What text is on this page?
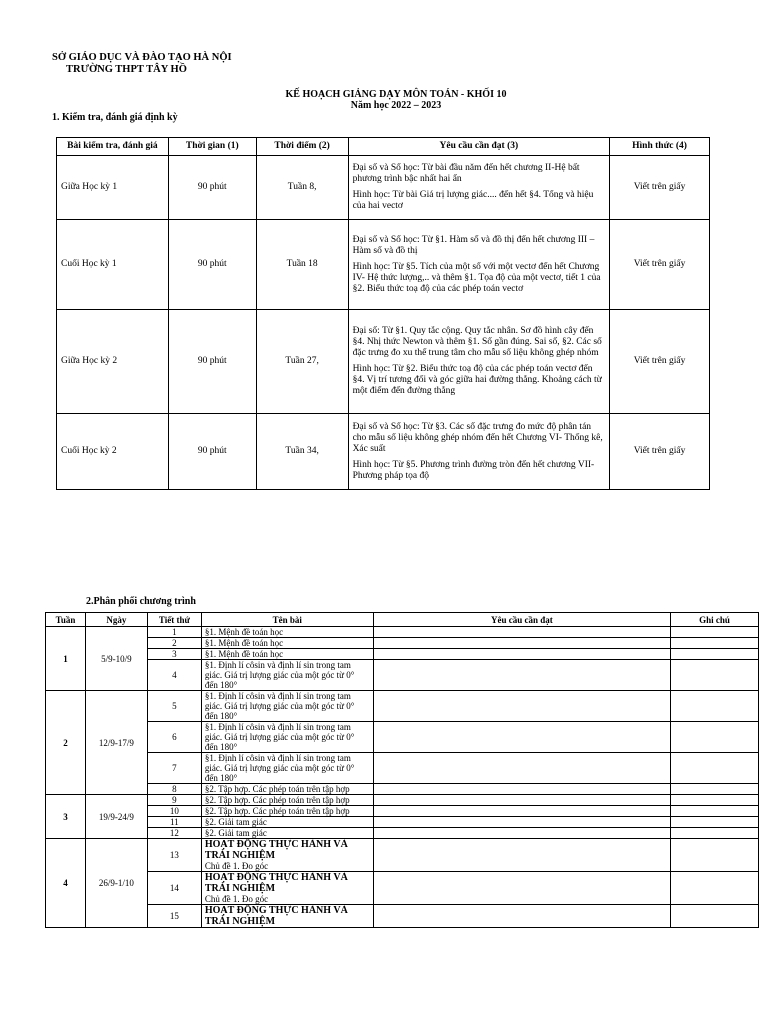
SỞ GIÁO DỤC VÀ ĐÀO TẠO HÀ NỘI
TRƯỜNG THPT TÂY HỒ
KẾ HOẠCH GIẢNG DẠY MÔN TOÁN - KHỐI 10
Năm học 2022 – 2023
1. Kiểm tra, đánh giá định kỳ
Bài kiểm tra, đánh giá	Thời gian (1)	Thời điểm (2)	Yêu cầu cần đạt (3)	Hình thức (4)
Giữa Học kỳ 1	90 phút	Tuần 8,	Đại số và Số học: Từ bài đầu năm đến hết chương II-Hệ bất phương trình bậc nhất hai ẩn

Hình học: Từ bài Giá trị lượng giác.... đến hết §4. Tổng và hiệu của hai vectơ	Viết trên giấy
Cuối Học kỳ 1	90 phút	Tuần 18	Đại số và Số học: Từ §1. Hàm số và đồ thị đến hết chương III – Hàm số và đồ thị

Hình học: Từ §5. Tích của một số với một vectơ đến hết Chương IV- Hệ thức lượng,.. và thêm §1. Tọa độ của một vectơ, tiết 1 của §2. Biểu thức toạ độ của các phép toán vectơ	Viết trên giấy
Giữa Học kỳ 2	90 phút	Tuần 27,	Đại số: Từ §1. Quy tắc cộng. Quy tắc nhân. Sơ đồ hình cây đến §4. Nhị thức Newton và thêm §1. Số gần đúng. Sai số, §2. Các số đặc trưng đo xu thế trung tâm cho mẫu số liệu không ghép nhóm

Hình học: Từ §2. Biểu thức toạ độ của các phép toán vectơ đến §4. Vị trí tương đối và góc giữa hai đường thẳng. Khoảng cách từ một điểm đến đường thẳng	Viết trên giấy
Cuối Học kỳ 2	90 phút	Tuần 34,	Đại số và Số học: Từ §3. Các số đặc trưng đo mức độ phân tán cho mẫu số liệu không ghép nhóm đến hết Chương VI- Thống kê, Xác suất

Hình học: Từ §5. Phương trình đường tròn đến hết chương VII-Phương pháp tọa độ	Viết trên giấy
2.Phân phối chương trình
Tuần	Ngày	Tiết thứ	Tên bài	Yêu cầu cần đạt	Ghi chú
1	5/9-10/9	1	§1. Mệnh đề toán học		
		2	§1. Mệnh đề toán học		
		3	§1. Mệnh đề toán học		
		4	§1. Định lí côsin và định lí sin trong tam giác. Giá trị lượng giác của một góc từ 0° đến 180°		
2	12/9-17/9	5	§1. Định lí côsin và định lí sin trong tam giác. Giá trị lượng giác của một góc từ 0° đến 180°		
		6	§1. Định lí côsin và định lí sin trong tam giác. Giá trị lượng giác của một góc từ 0° đến 180°		
		7	§1. Định lí côsin và định lí sin trong tam giác. Giá trị lượng giác của một góc từ 0° đến 180°		
		8	§2. Tập hợp. Các phép toán trên tập hợp		
3	19/9-24/9	9	§2. Tập hợp. Các phép toán trên tập hợp		
		10	§2. Tập hợp. Các phép toán trên tập hợp		
		11	§2. Giải tam giác		
		12	§2. Giải tam giác		
4	26/9-1/10	13	HOẠT ĐỘNG THỰC HÀNH VÀ TRẢI NGHIỆM
Chủ đề 1. Đo góc		
		14	HOẠT ĐỘNG THỰC HÀNH VÀ TRẢI NGHIỆM
Chủ đề 1. Đo góc		
		15	HOẠT ĐỘNG THỰC HÀNH VÀ TRẢI NGHIỆM		
